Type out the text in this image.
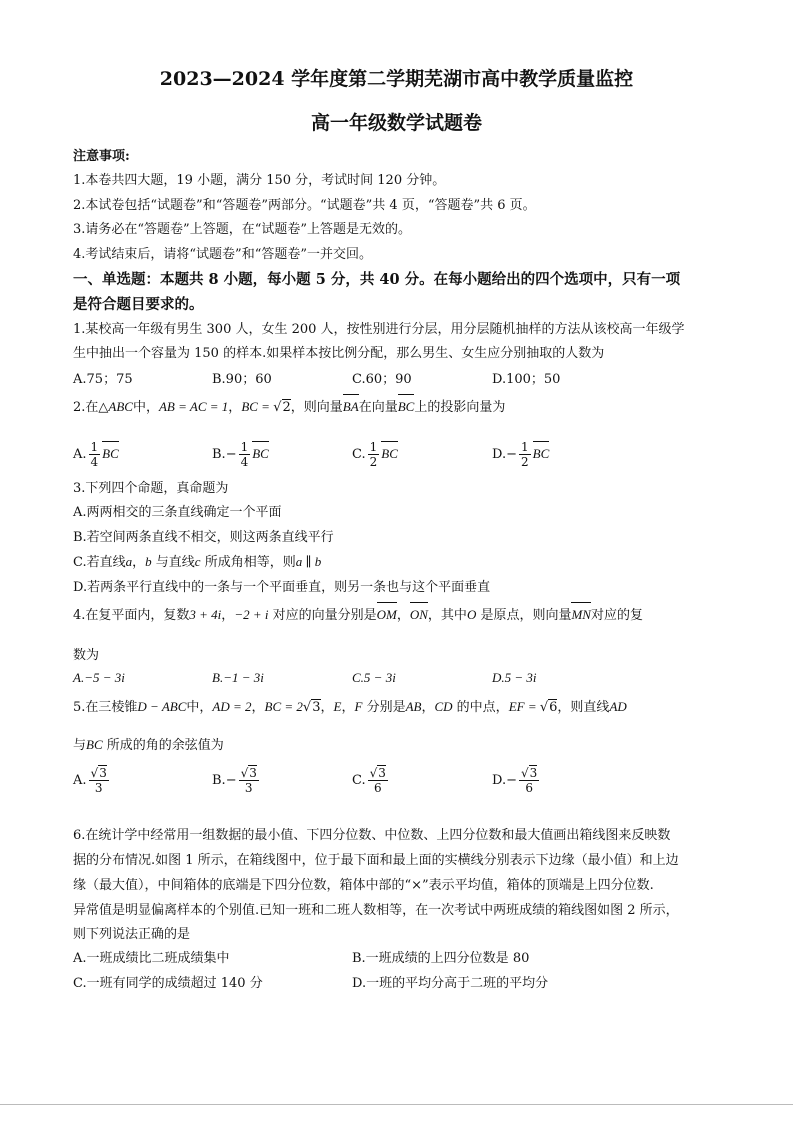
2023—2024 学年度第二学期芜湖市高中教学质量监控
高一年级数学试题卷
注意事项:
1.本卷共四大题，19 小题，满分 150 分，考试时间 120 分钟。
2.本试卷包括“试题卷”和“答题卷”两部分。“试题卷”共 4 页，“答题卷”共 6 页。
3.请务必在“答题卷”上答题，在“试题卷”上答题是无效的。
4.考试结束后，请将“试题卷”和“答题卷”一并交回。
一、单选题：本题共 8 小题，每小题 5 分，共 40 分。在每小题给出的四个选项中，只有一项
是符合题目要求的。
1.某校高一年级有男生 300 人，女生 200 人，按性别进行分层，用分层随机抽样的方法从该校高一年级学
生中抽出一个容量为 150 的样本.如果样本按比例分配，那么男生、女生应分别抽取的人数为
A.75；75	B.90；60	C.60；90	D.100；50
2.在△ABC中，AB = AC = 1，BC = √2，则向量BA在向量BC上的投影向量为
A. $\frac{1}{4}$ BC	$B.- \frac{1}{4}$ BC	C. $\frac{1}{2}$ BC	$D.- \frac{1}{2}$ BC
3.下列四个命题，真命题为
A.两两相交的三条直线确定一个平面
B.若空间两条直线不相交，则这两条直线平行
C.若直线a，b 与直线c 所成角相等，则a ∥ b
D.若两条平行直线中的一条与一个平面垂直，则另一条也与这个平面垂直
4.在复平面内，复数3 + 4i，−2 + i 对应的向量分别是OM，ON，其中O 是原点，则向量MN对应的复
数为
A.−5 − 3i	B.−1 − 3i	C.5 − 3i	D.5 − 3i
5.在三棱锥D − ABC中，AD = 2，BC = 2√3，E，F 分别是AB，CD 的中点，EF = √6，则直线AD
与BC 所成的角的余弦值为
A. $\frac{√3}{3}$	$B.- \frac{√3}{3}$	C. $\frac{√3}{6}$	$D.- \frac{√3}{6}$
6.在统计学中经常用一组数据的最小值、下四分位数、中位数、上四分位数和最大值画出箱线图来反映数
据的分布情况.如图 1 所示，在箱线图中，位于最下面和最上面的实横线分别表示下边缘（最小值）和上边
缘（最大值），中间箱体的底端是下四分位数，箱体中部的“×”表示平均值，箱体的顶端是上四分位数.
异常值是明显偏离样本的个别值.已知一班和二班人数相等，在一次考试中两班成绩的箱线图如图 2 所示，
则下列说法正确的是
A.一班成绩比二班成绩集中	B.一班成绩的上四分位数是 80
C.一班有同学的成绩超过 140 分	D.一班的平均分高于二班的平均分
